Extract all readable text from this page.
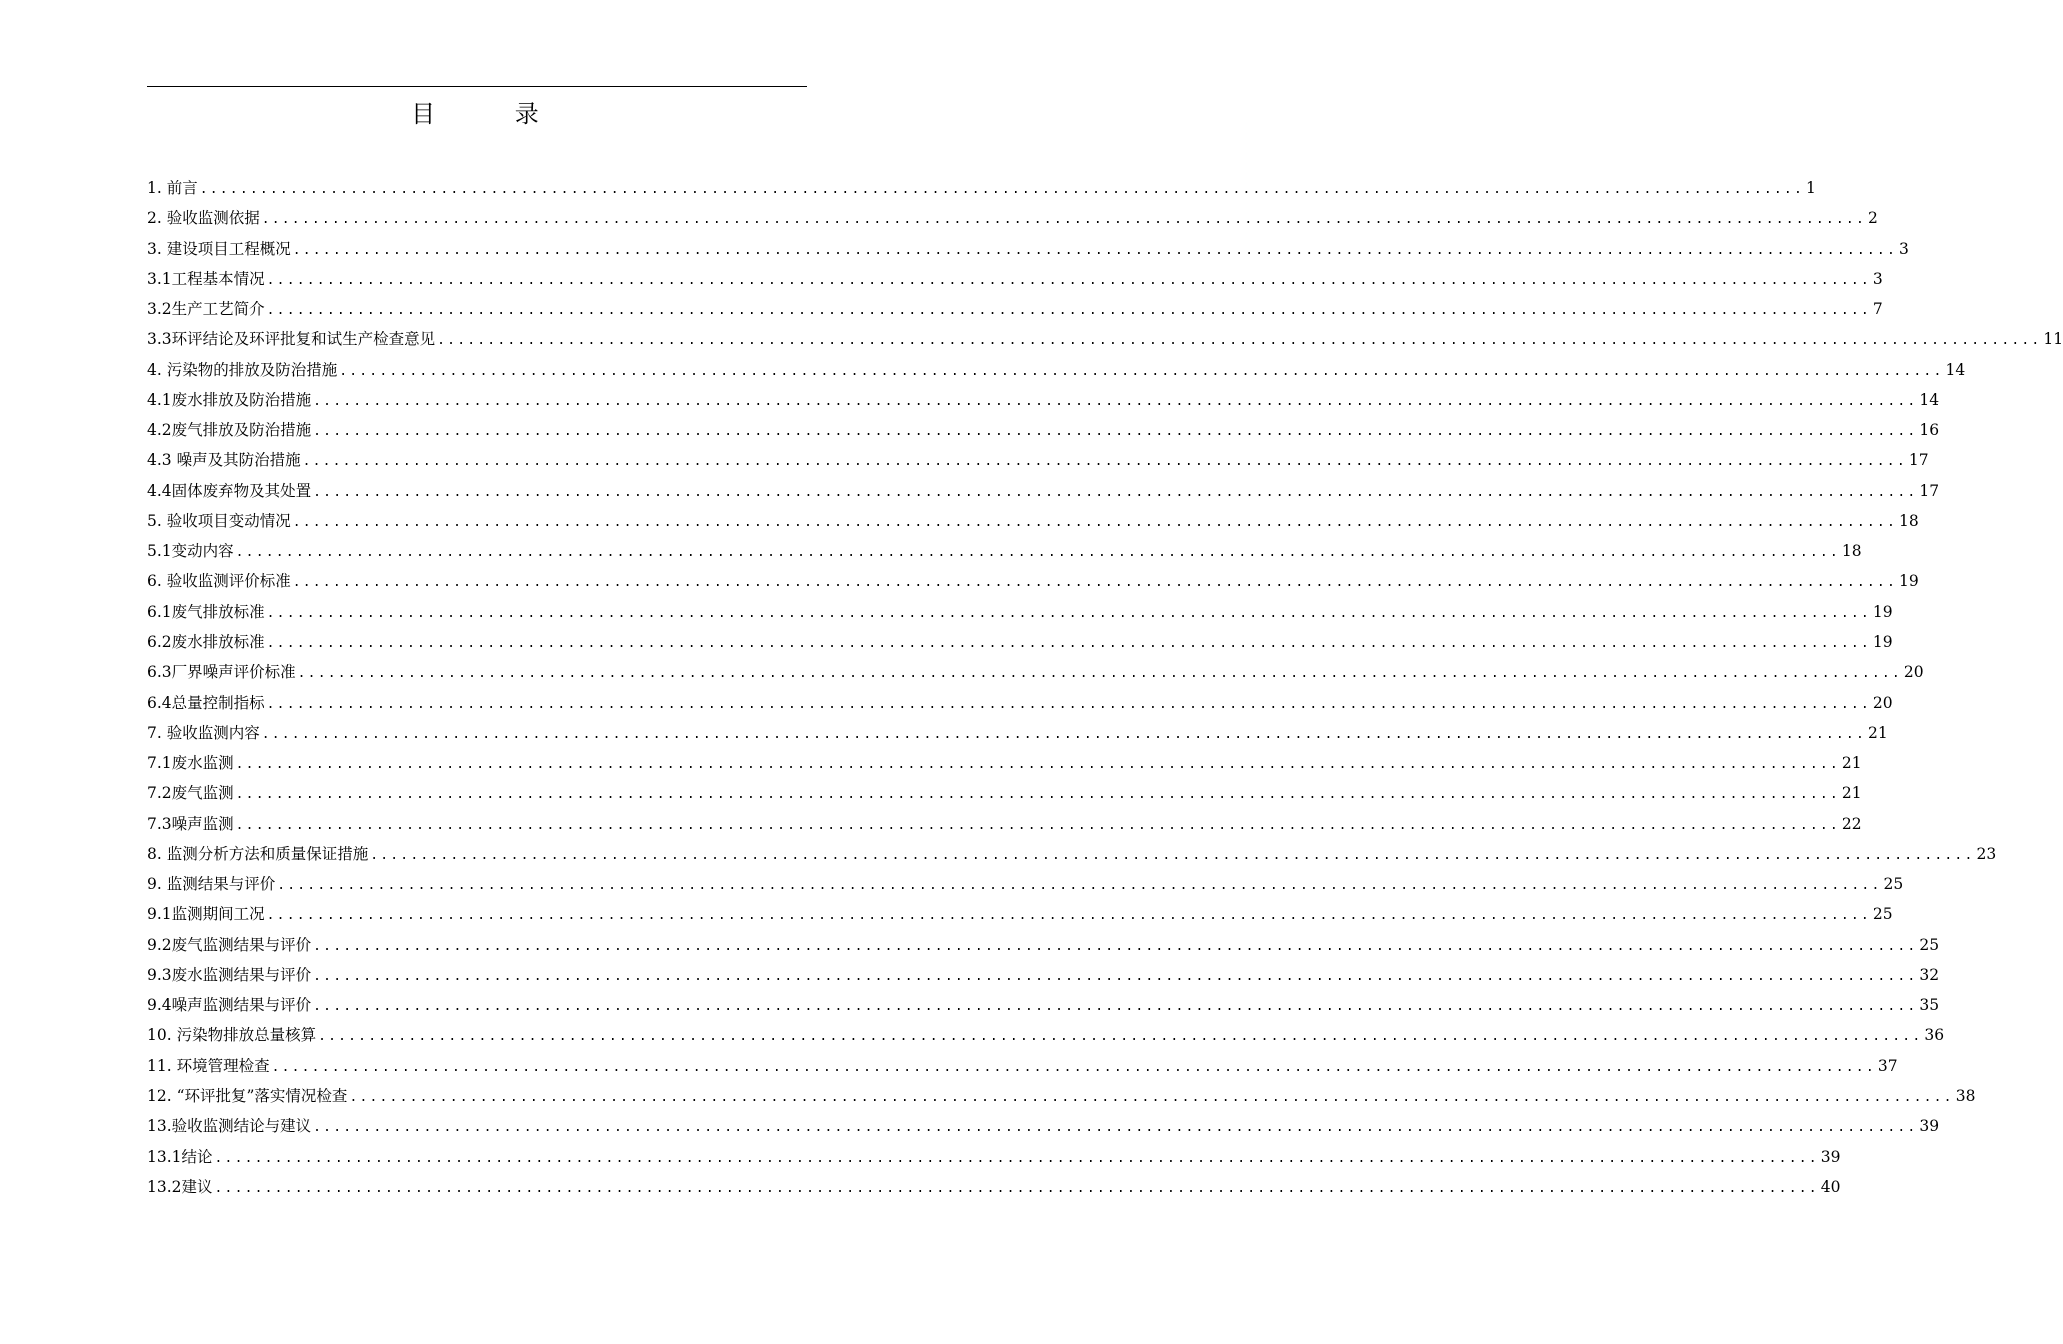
目 录
1. 前言 ................................................................................................................................................................ 1
2. 验收监测依据 ................................................................................................................................................................ 2
3. 建设项目工程概况 ................................................................................................................................................................ 3
3.1工程基本情况 ................................................................................................................................................................ 3
3.2生产工艺简介 ................................................................................................................................................................ 7
3.3环评结论及环评批复和试生产检查意见 ................................................................................................................................................................ 11
4. 污染物的排放及防治措施 ................................................................................................................................................................ 14
4.1废水排放及防治措施 ................................................................................................................................................................ 14
4.2废气排放及防治措施 ................................................................................................................................................................ 16
4.3 噪声及其防治措施 ................................................................................................................................................................ 17
4.4固体废弃物及其处置 ................................................................................................................................................................ 17
5. 验收项目变动情况 ................................................................................................................................................................ 18
5.1变动内容 ................................................................................................................................................................ 18
6. 验收监测评价标准 ................................................................................................................................................................ 19
6.1废气排放标准 ................................................................................................................................................................ 19
6.2废水排放标准 ................................................................................................................................................................ 19
6.3厂界噪声评价标准 ................................................................................................................................................................ 20
6.4总量控制指标 ................................................................................................................................................................ 20
7. 验收监测内容 ................................................................................................................................................................ 21
7.1废水监测 ................................................................................................................................................................ 21
7.2废气监测 ................................................................................................................................................................ 21
7.3噪声监测 ................................................................................................................................................................ 22
8. 监测分析方法和质量保证措施 ................................................................................................................................................................ 23
9. 监测结果与评价 ................................................................................................................................................................ 25
9.1监测期间工况 ................................................................................................................................................................ 25
9.2废气监测结果与评价 ................................................................................................................................................................ 25
9.3废水监测结果与评价 ................................................................................................................................................................ 32
9.4噪声监测结果与评价 ................................................................................................................................................................ 35
10. 污染物排放总量核算 ................................................................................................................................................................ 36
11. 环境管理检查 ................................................................................................................................................................ 37
12. “环评批复”落实情况检查 ................................................................................................................................................................ 38
13.验收监测结论与建议 ................................................................................................................................................................ 39
13.1结论 ................................................................................................................................................................ 39
13.2建议 ................................................................................................................................................................ 40
